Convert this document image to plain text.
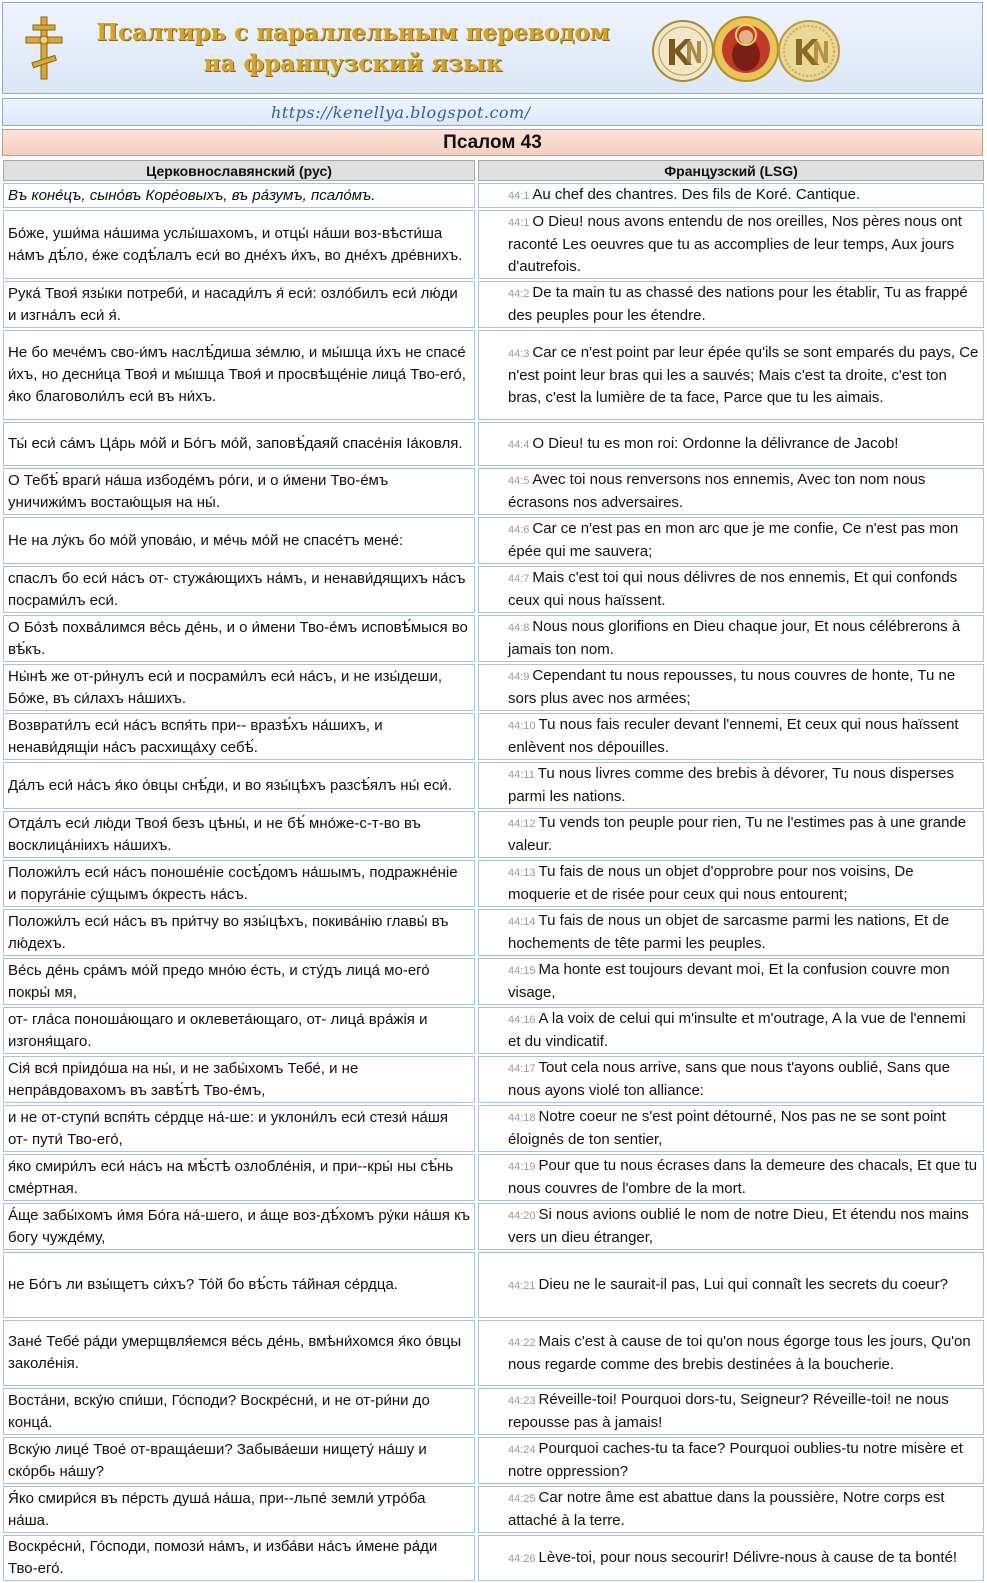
Псалтирь с параллельным переводом
на французский язык
https://kenellya.blogspot.com/
Псалом 43
Церковнославянский (рус)	Французский (LSG)
Въ коне́цъ, сыно́въ Коре́овыхъ, въ ра́зумъ, псало́мъ.	44:1 Au chef des chantres. Des fils de Koré. Cantique.
Бо́же, уши́ма на́шима услы́шахомъ, и отцы́ на́ши воз-вѣсти́ша на́мъ дѣ́ло, е́же содѣ́лалъ еси́ во дне́хъ и́хъ, во дне́хъ дре́внихъ.	44:1 O Dieu! nous avons entendu de nos oreilles, Nos pères nous ont raconté Les oeuvres que tu as accomplies de leur temps, Aux jours d'autrefois.
Рука́ Твоя́ язы́ки потреби́, и насади́лъ я́ еси́: озло́билъ еси́ лю́ди и изгна́лъ еси́ я́.	44:2 De ta main tu as chassé des nations pour les établir, Tu as frappé des peuples pour les étendre.
Не бо мече́мъ сво-и́мъ наслѣ́диша зе́млю, и мы́шца и́хъ не спасе́ и́хъ, но десни́ца Твоя́ и мы́шца Твоя́ и просвѣще́ніе лица́ Тво-его́, я́ко благоволи́лъ еси́ въ ни́хъ.	44:3 Car ce n'est point par leur épée qu'ils se sont emparés du pays, Ce n'est point leur bras qui les a sauvés; Mais c'est ta droite, c'est ton bras, c'est la lumière de ta face, Parce que tu les aimais.
Ты́ еси́ са́мъ Ца́рь мо́й и Бо́гъ мо́й, заповѣ́даяй спасе́нія Іа́ковля.	44:4 O Dieu! tu es mon roi: Ordonne la délivrance de Jacob!
О Тебѣ́ враги́ на́ша избоде́мъ ро́ги, и о и́мени Тво-е́мъ уничижи́мъ востаю́щыя на ны́.	44:5 Avec toi nous renversons nos ennemis, Avec ton nom nous écrasons nos adversaires.
Не на лу́къ бо мо́й упова́ю, и ме́чь мо́й не спасе́тъ мене́:	44:6 Car ce n'est pas en mon arc que je me confie, Ce n'est pas mon épée qui me sauvera;
спаслъ бо еси́ на́съ от- стужа́ющихъ на́мъ, и ненави́дящихъ на́съ посрами́лъ еси́.	44:7 Mais c'est toi qui nous délivres de nos ennemis, Et qui confonds ceux qui nous haïssent.
О Бо́зѣ похва́лимся ве́сь де́нь, и о и́мени Тво-е́мъ исповѣ́мыся во вѣ́къ.	44:8 Nous nous glorifions en Dieu chaque jour, Et nous célébrerons à jamais ton nom.
Ны́нѣ же от-ри́нулъ еси́ и посрами́лъ еси́ на́съ, и не изы́деши, Бо́же, въ си́лахъ на́шихъ.	44:9 Cependant tu nous repousses, tu nous couvres de honte, Tu ne sors plus avec nos armées;
Возврати́лъ еси́ на́съ вспя́ть при-- вразѣ́хъ на́шихъ, и ненави́дящіи на́съ расхища́ху себѣ́.	44:10 Tu nous fais reculer devant l'ennemi, Et ceux qui nous haïssent enlèvent nos dépouilles.
Да́лъ еси́ на́съ я́ко о́вцы снѣ́ди, и во язы́цѣхъ разсѣ́ялъ ны́ еси́.	44:11 Tu nous livres comme des brebis à dévorer, Tu nous disperses parmi les nations.
Отда́лъ еси́ лю́ди Твоя́ безъ цѣны́, и не бѣ́ мно́же-с-т-во въ восклица́ніихъ на́шихъ.	44:12 Tu vends ton peuple pour rien, Tu ne l'estimes pas à une grande valeur.
Положи́лъ еси́ на́съ поноше́ніе сосѣ́домъ на́шымъ, подражне́ніе и поруга́ніе су́щымъ о́кресть на́съ.	44:13 Tu fais de nous un objet d'opprobre pour nos voisins, De moquerie et de risée pour ceux qui nous entourent;
Положи́лъ еси́ на́съ въ при́тчу во язы́цѣхъ, покива́нію главы́ въ лю́дехъ.	44:14 Tu fais de nous un objet de sarcasme parmi les nations, Et de hochements de tête parmi les peuples.
Ве́сь де́нь сра́мъ мо́й предо мно́ю е́сть, и сту́дъ лица́ мо-его́ покры́ мя,	44:15 Ma honte est toujours devant moi, Et la confusion couvre mon visage,
от- гла́са поноша́ющаго и оклевета́ющаго, от- лица́ вра́жія и изгоня́щаго.	44:16 A la voix de celui qui m'insulte et m'outrage, A la vue de l'ennemi et du vindicatif.
Сія́ вся́ пріидо́ша на ны́, и не забы́хомъ Тебе́, и не непра́вдовахомъ въ завѣ́тѣ Тво-е́мъ,	44:17 Tout cela nous arrive, sans que nous t'ayons oublié, Sans que nous ayons violé ton alliance:
и не от-ступи́ вспя́ть се́рдце на́-ше: и уклони́лъ еси́ стези́ на́шя от- пути́ Тво-его́,	44:18 Notre coeur ne s'est point détourné, Nos pas ne se sont point éloignés de ton sentier,
я́ко смири́лъ еси́ на́съ на мѣ́стѣ озлобле́нія, и при--кры́ ны сѣ́нь сме́ртная.	44:19 Pour que tu nous écrases dans la demeure des chacals, Et que tu nous couvres de l'ombre de la mort.
А́ще забы́хомъ и́мя Бо́га на́-шего, и а́ще воз-дѣ́хомъ ру́ки на́шя къ богу чужде́му,	44:20 Si nous avions oublié le nom de notre Dieu, Et étendu nos mains vers un dieu étranger,
не Бо́гъ ли взы́щетъ си́хъ? То́й бо вѣ́сть та́йная се́рдца.	44:21 Dieu ne le saurait-il pas, Lui qui connaît les secrets du coeur?
Зане́ Тебе́ ра́ди умерщвля́емся ве́сь де́нь, вмѣни́хомся я́ко о́вцы заколе́нія.	44:22 Mais c'est à cause de toi qu'on nous égorge tous les jours, Qu'on nous regarde comme des brebis destinées à la boucherie.
Воста́ни, вску́ю спи́ши, Го́споди? Воскре́сни́, и не от-ри́ни до конца́.	44:23 Réveille-toi! Pourquoi dors-tu, Seigneur? Réveille-toi! ne nous repousse pas à jamais!
Вску́ю лице́ Твое́ от-враща́еши? Забыва́еши нищету́ на́шу и ско́рбь на́шу?	44:24 Pourquoi caches-tu ta face? Pourquoi oublies-tu notre misère et notre oppression?
Я́ко смири́ся въ пе́рсть душа́ на́ша, при--льпе́ земли́ утро́ба на́ша.	44:25 Car notre âme est abattue dans la poussière, Notre corps est attaché à la terre.
Воскре́сни́, Го́споди, помози́ на́мъ, и изба́ви на́съ и́мене ра́ди Тво-его́.	44:26 Lève-toi, pour nous secourir! Délivre-nous à cause de ta bonté!
